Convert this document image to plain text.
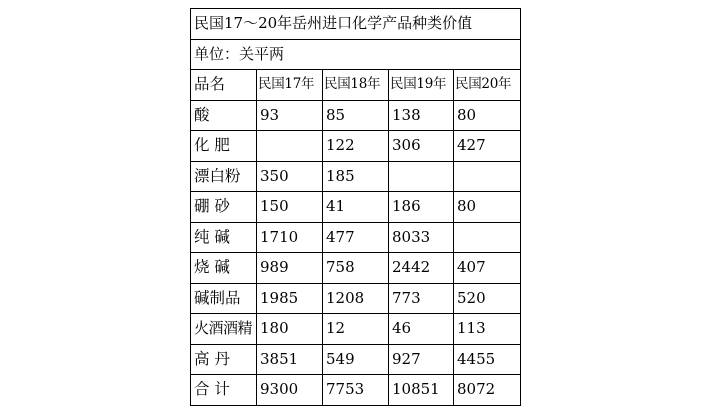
民国17～20年岳州进口化学产品种类价值				
单位：关平两				
品名	民国17年	民国18年	民国19年	民国20年
酸	93	85	138	80
化 肥		122	306	427
漂白粉	350	185		
硼 砂	150	41	186	80
纯 碱	1710	477	8033	
烧 碱	989	758	2442	407
碱制品	1985	1208	773	520
火酒酒精	180	12	46	113
高 丹	3851	549	927	4455
合 计	9300	7753	10851	8072
